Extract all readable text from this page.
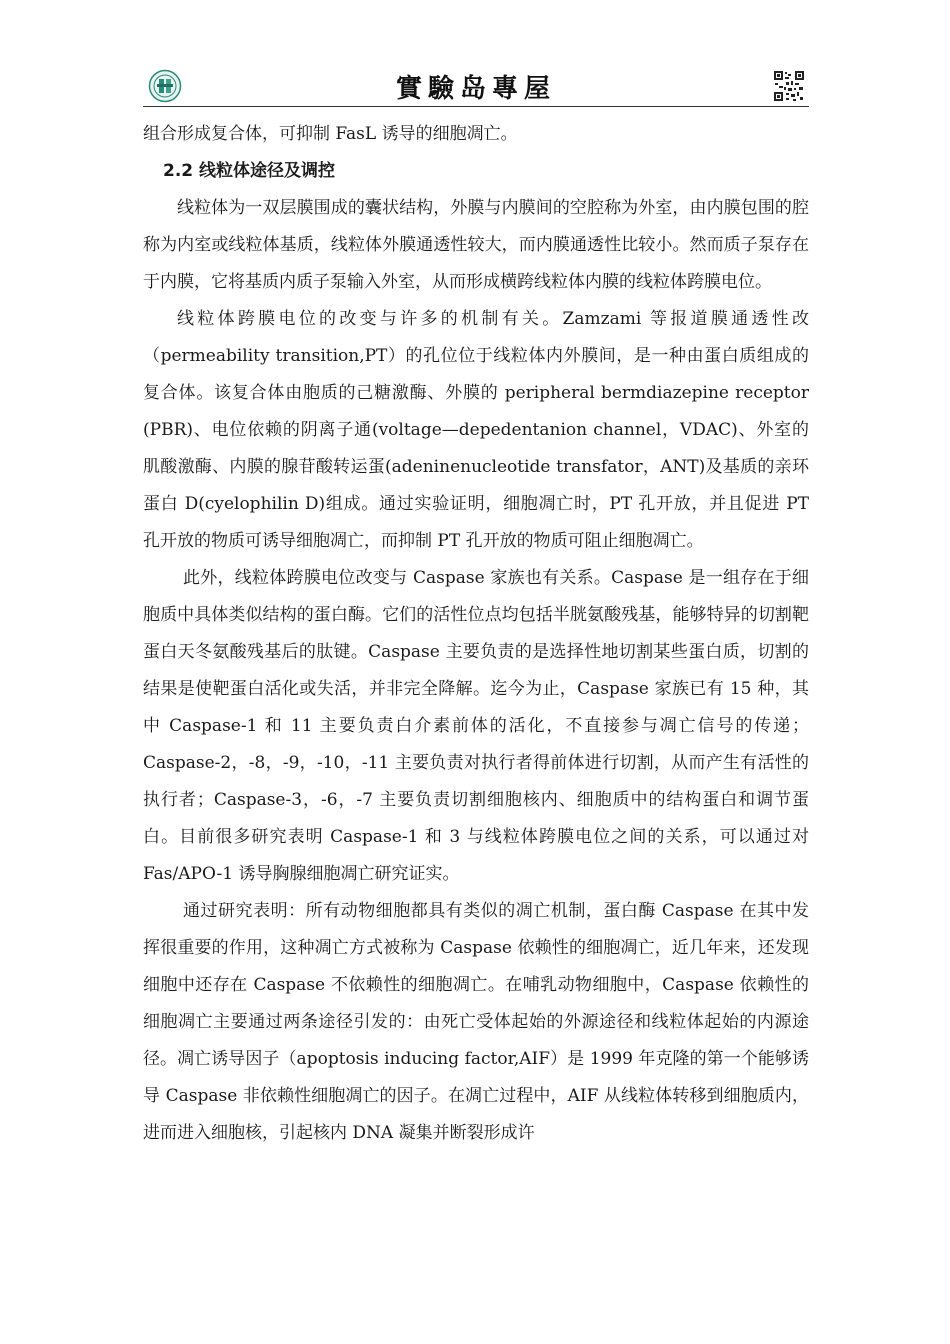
實驗岛專屋

组合形成复合体，可抑制 FasL 诱导的细胞凋亡。

2.2 线粒体途径及调控

线粒体为一双层膜围成的囊状结构，外膜与内膜间的空腔称为外室，由内膜包围的腔称为内室或线粒体基质，线粒体外膜通透性较大，而内膜通透性比较小。然而质子泵存在于内膜，它将基质内质子泵输入外室，从而形成横跨线粒体内膜的线粒体跨膜电位。

线粒体跨膜电位的改变与许多的机制有关。Zamzami 等报道膜通透性改（permeability transition,PT）的孔位位于线粒体内外膜间，是一种由蛋白质组成的复合体。该复合体由胞质的己糖激酶、外膜的 peripheral bermdiazepine receptor (PBR)、电位依赖的阴离子通(voltage—depedentanion channel，VDAC)、外室的肌酸激酶、内膜的腺苷酸转运蛋(adeninenucleotide transfator，ANT)及基质的亲环蛋白 D(cyelophilin D)组成。通过实验证明，细胞凋亡时，PT 孔开放，并且促进 PT 孔开放的物质可诱导细胞凋亡，而抑制 PT 孔开放的物质可阻止细胞凋亡。

此外，线粒体跨膜电位改变与 Caspase 家族也有关系。Caspase 是一组存在于细胞质中具体类似结构的蛋白酶。它们的活性位点均包括半胱氨酸残基，能够特异的切割靶蛋白天冬氨酸残基后的肽键。Caspase 主要负责的是选择性地切割某些蛋白质，切割的结果是使靶蛋白活化或失活，并非完全降解。迄今为止，Caspase 家族已有 15 种，其中 Caspase-1 和 11 主要负责白介素前体的活化，不直接参与凋亡信号的传递；Caspase-2，-8，-9，-10，-11 主要负责对执行者得前体进行切割，从而产生有活性的执行者；Caspase-3，-6，-7 主要负责切割细胞核内、细胞质中的结构蛋白和调节蛋白。目前很多研究表明 Caspase-1 和 3 与线粒体跨膜电位之间的关系，可以通过对 Fas/APO-1 诱导胸腺细胞凋亡研究证实。

通过研究表明：所有动物细胞都具有类似的凋亡机制，蛋白酶 Caspase 在其中发挥很重要的作用，这种凋亡方式被称为 Caspase 依赖性的细胞凋亡，近几年来，还发现细胞中还存在 Caspase 不依赖性的细胞凋亡。在哺乳动物细胞中，Caspase 依赖性的细胞凋亡主要通过两条途径引发的：由死亡受体起始的外源途径和线粒体起始的内源途径。凋亡诱导因子（apoptosis inducing factor,AIF）是 1999 年克隆的第一个能够诱导 Caspase 非依赖性细胞凋亡的因子。在凋亡过程中，AIF 从线粒体转移到细胞质内，进而进入细胞核，引起核内 DNA 凝集并断裂形成许
